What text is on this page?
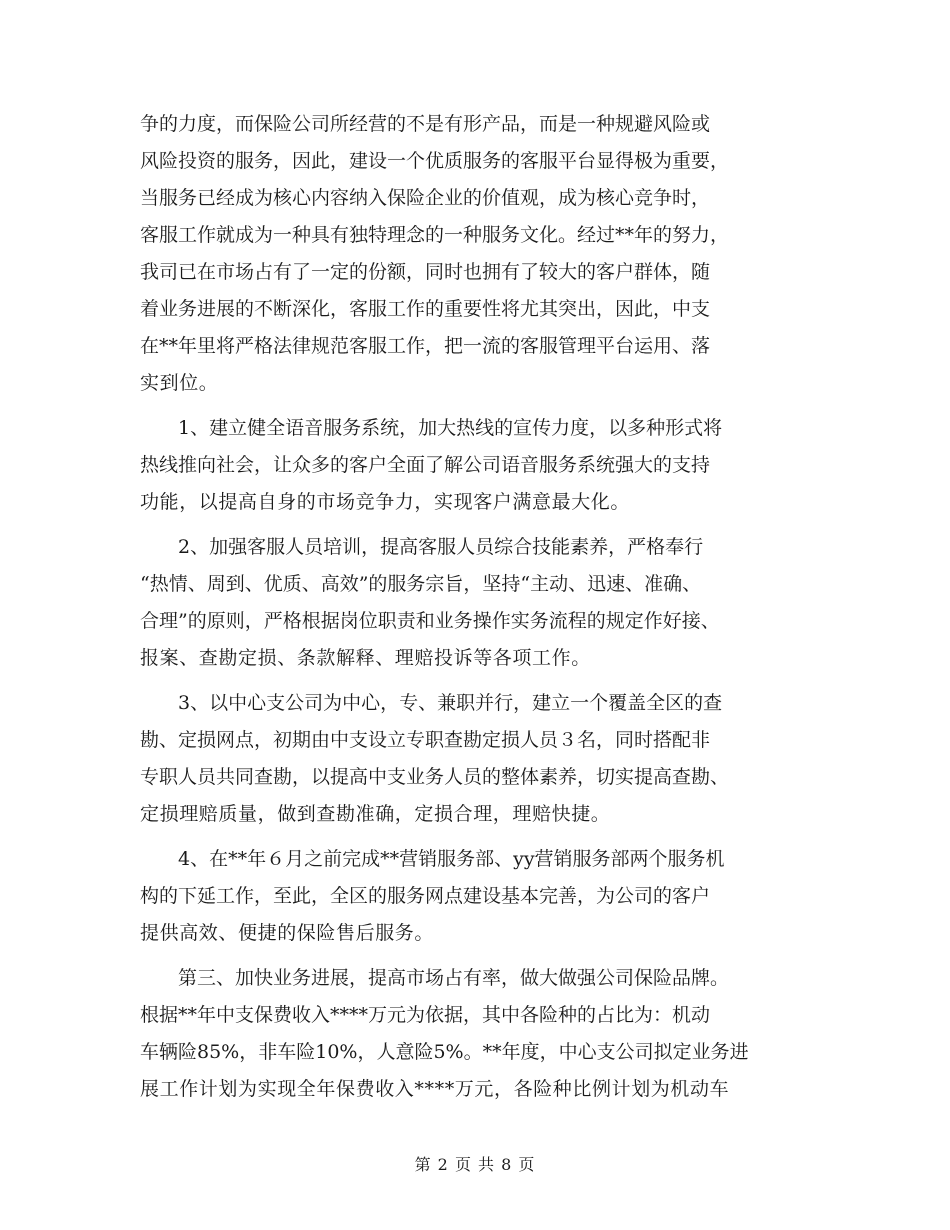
争的力度，而保险公司所经营的不是有形产品，而是一种规避风险或
风险投资的服务，因此，建设一个优质服务的客服平台显得极为重要，
当服务已经成为核心内容纳入保险企业的价值观，成为核心竞争时，
客服工作就成为一种具有独特理念的一种服务文化。经过**年的努力，
我司已在市场占有了一定的份额，同时也拥有了较大的客户群体，随
着业务进展的不断深化，客服工作的重要性将尤其突出，因此，中支
在**年里将严格法律规范客服工作，把一流的客服管理平台运用、落
实到位。
1、建立健全语音服务系统，加大热线的宣传力度，以多种形式将
热线推向社会，让众多的客户全面了解公司语音服务系统强大的支持
功能，以提高自身的市场竞争力，实现客户满意最大化。
2、加强客服人员培训，提高客服人员综合技能素养，严格奉行
“热情、周到、优质、高效”的服务宗旨，坚持“主动、迅速、准确、
合理”的原则，严格根据岗位职责和业务操作实务流程的规定作好接、
报案、查勘定损、条款解释、理赔投诉等各项工作。
3、以中心支公司为中心，专、兼职并行，建立一个覆盖全区的查
勘、定损网点，初期由中支设立专职查勘定损人员３名，同时搭配非
专职人员共同查勘，以提高中支业务人员的整体素养，切实提高查勘、
定损理赔质量，做到查勘准确，定损合理，理赔快捷。
4、在**年６月之前完成**营销服务部、yy营销服务部两个服务机
构的下延工作，至此，全区的服务网点建设基本完善，为公司的客户
提供高效、便捷的保险售后服务。
第三、加快业务进展，提高市场占有率，做大做强公司保险品牌。
根据**年中支保费收入****万元为依据，其中各险种的占比为：机动
车辆险85%，非车险10%，人意险5%。**年度，中心支公司拟定业务进
展工作计划为实现全年保费收入****万元，各险种比例计划为机动车
第 2 页 共 8 页
